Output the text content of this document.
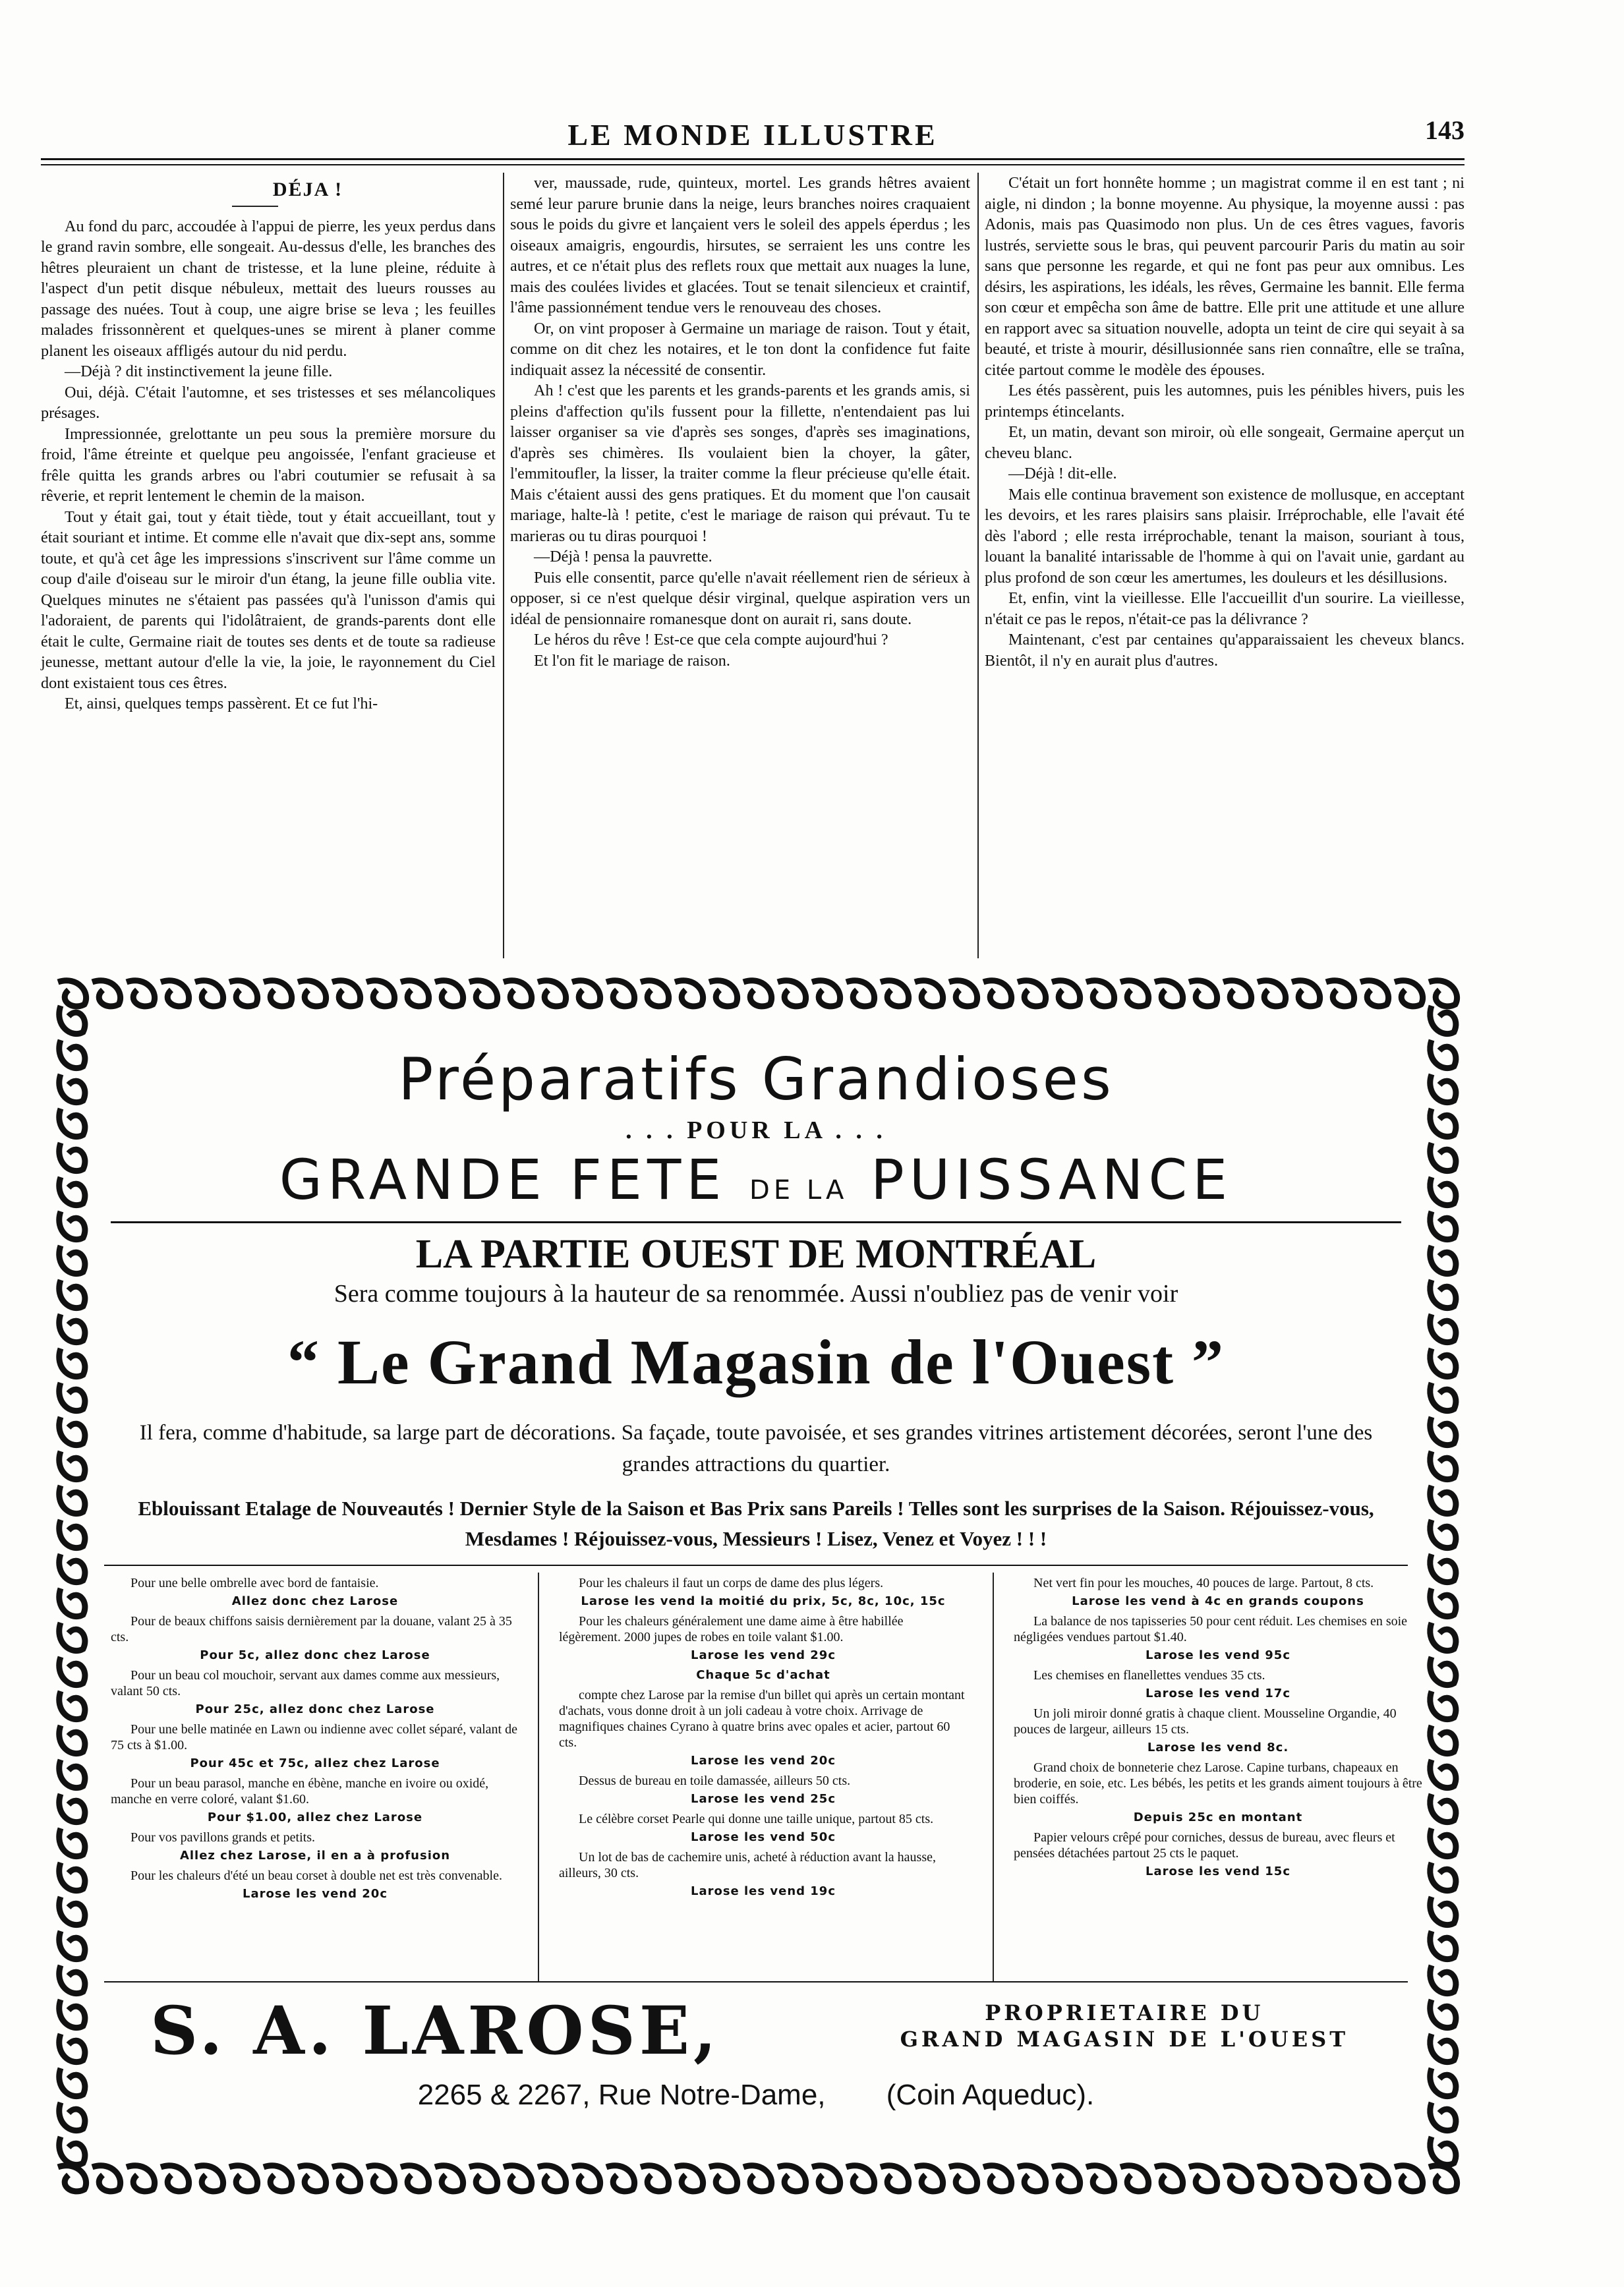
LE MONDE ILLUSTRE	143
DÉJA !

Au fond du parc, accoudée à l'appui de pierre, les yeux perdus dans le grand ravin sombre, elle songeait. Au-dessus d'elle, les branches des hêtres pleuraient un chant de tristesse, et la lune pleine, réduite à l'aspect d'un petit disque nébuleux, mettait des lueurs rousses au passage des nuées. Tout à coup, une aigre brise se leva ; les feuilles malades frissonnèrent et quelques-unes se mirent à planer comme planent les oiseaux affligés autour du nid perdu.

—Déjà ? dit instinctivement la jeune fille.

Oui, déjà. C'était l'automne, et ses tristesses et ses mélancoliques présages.

Impressionnée, grelottante un peu sous la première morsure du froid, l'âme étreinte et quelque peu angoissée, l'enfant gracieuse et frêle quitta les grands arbres ou l'abri coutumier se refusait à sa rêverie, et reprit lentement le chemin de la maison.

Tout y était gai, tout y était tiède, tout y était accueillant, tout y était souriant et intime. Et comme elle n'avait que dix-sept ans, somme toute, et qu'à cet âge les impressions s'inscrivent sur l'âme comme un coup d'aile d'oiseau sur le miroir d'un étang, la jeune fille oublia vite. Quelques minutes ne s'étaient pas passées qu'à l'unisson d'amis qui l'adoraient, de parents qui l'idolâtraient, de grands-parents dont elle était le culte, Germaine riait de toutes ses dents et de toute sa radieuse jeunesse, mettant autour d'elle la vie, la joie, le rayonnement du Ciel dont existaient tous ces êtres.

Et, ainsi, quelques temps passèrent. Et ce fut l'hi-

ver, maussade, rude, quinteux, mortel. Les grands hêtres avaient semé leur parure brunie dans la neige, leurs branches noires craquaient sous le poids du givre et lançaient vers le soleil des appels éperdus ; les oiseaux amaigris, engourdis, hirsutes, se serraient les uns contre les autres, et ce n'était plus des reflets roux que mettait aux nuages la lune, mais des coulées livides et glacées. Tout se tenait silencieux et craintif, l'âme passionnément tendue vers le renouveau des choses.

Or, on vint proposer à Germaine un mariage de raison. Tout y était, comme on dit chez les notaires, et le ton dont la confidence fut faite indiquait assez la nécessité de consentir.

Ah ! c'est que les parents et les grands-parents et les grands amis, si pleins d'affection qu'ils fussent pour la fillette, n'entendaient pas lui laisser organiser sa vie d'après ses songes, d'après ses imaginations, d'après ses chimères. Ils voulaient bien la choyer, la gâter, l'emmitoufler, la lisser, la traiter comme la fleur précieuse qu'elle était. Mais c'étaient aussi des gens pratiques. Et du moment que l'on causait mariage, halte-là ! petite, c'est le mariage de raison qui prévaut. Tu te marieras ou tu diras pourquoi !

—Déjà ! pensa la pauvrette.

Puis elle consentit, parce qu'elle n'avait réellement rien de sérieux à opposer, si ce n'est quelque désir virginal, quelque aspiration vers un idéal de pensionnaire romanesque dont on aurait ri, sans doute.

Le héros du rêve ! Est-ce que cela compte aujourd'hui ?

Et l'on fit le mariage de raison.

C'était un fort honnête homme ; un magistrat comme il en est tant ; ni aigle, ni dindon ; la bonne moyenne. Au physique, la moyenne aussi : pas Adonis, mais pas Quasimodo non plus. Un de ces êtres vagues, favoris lustrés, serviette sous le bras, qui peuvent parcourir Paris du matin au soir sans que personne les regarde, et qui ne font pas peur aux omnibus. Les désirs, les aspirations, les idéals, les rêves, Germaine les bannit. Elle ferma son cœur et empêcha son âme de battre. Elle prit une attitude et une allure en rapport avec sa situation nouvelle, adopta un teint de cire qui seyait à sa beauté, et triste à mourir, désillusionnée sans rien connaître, elle se traîna, citée partout comme le modèle des épouses.

Les étés passèrent, puis les automnes, puis les pénibles hivers, puis les printemps étincelants.

Et, un matin, devant son miroir, où elle songeait, Germaine aperçut un cheveu blanc.

—Déjà ! dit-elle.

Mais elle continua bravement son existence de mollusque, en acceptant les devoirs, et les rares plaisirs sans plaisir. Irréprochable, elle l'avait été dès l'abord ; elle resta irréprochable, tenant la maison, souriant à tous, louant la banalité intarissable de l'homme à qui on l'avait unie, gardant au plus profond de son cœur les amertumes, les douleurs et les désillusions.

Et, enfin, vint la vieillesse. Elle l'accueillit d'un sourire. La vieillesse, n'était ce pas le repos, n'était-ce pas la délivrance ?

Maintenant, c'est par centaines qu'apparaissaient les cheveux blancs. Bientôt, il n'y en aurait plus d'autres.

Préparatifs Grandioses
. . . POUR LA . . .
GRANDE FETE DE LA PUISSANCE
LA PARTIE OUEST DE MONTRÉAL
Sera comme toujours à la hauteur de sa renommée. Aussi n'oubliez pas de venir voir
“ Le Grand Magasin de l'Ouest ”
Il fera, comme d'habitude, sa large part de décorations. Sa façade, toute pavoisée, et ses grandes vitrines artistement décorées, seront l'une des grandes attractions du quartier.
Eblouissant Etalage de Nouveautés ! Dernier Style de la Saison et Bas Prix sans Pareils ! Telles sont les surprises de la Saison. Réjouissez-vous, Mesdames ! Réjouissez-vous, Messieurs ! Lisez, Venez et Voyez ! ! !
Pour une belle ombrelle avec bord de fantaisie.
Allez donc chez Larose
Pour de beaux chiffons saisis dernièrement par la douane, valant 25 à 35 cts.
Pour 5c, allez donc chez Larose
Pour un beau col mouchoir, servant aux dames comme aux messieurs, valant 50 cts.
Pour 25c, allez donc chez Larose
Pour une belle matinée en Lawn ou indienne avec collet séparé, valant de 75 cts à $1.00.
Pour 45c et 75c, allez chez Larose
Pour un beau parasol, manche en ébène, manche en ivoire ou oxidé, manche en verre coloré, valant $1.60.
Pour $1.00, allez chez Larose
Pour vos pavillons grands et petits.
Allez chez Larose, il en a à profusion
Pour les chaleurs d'été un beau corset à double net est très convenable.
Larose les vend 20c
Pour les chaleurs il faut un corps de dame des plus légers.
Larose les vend la moitié du prix, 5c, 8c, 10c, 15c
Pour les chaleurs généralement une dame aime à être habillée légèrement. 2000 jupes de robes en toile valant $1.00.
Larose les vend 29c
Chaque 5c d'achat
compte chez Larose par la remise d'un billet qui après un certain montant d'achats, vous donne droit à un joli cadeau à votre choix. Arrivage de magnifiques chaines Cyrano à quatre brins avec opales et acier, partout 60 cts.
Larose les vend 20c
Dessus de bureau en toile damassée, ailleurs 50 cts.
Larose les vend 25c
Le célèbre corset Pearle qui donne une taille unique, partout 85 cts.
Larose les vend 50c
Un lot de bas de cachemire unis, acheté à réduction avant la hausse, ailleurs, 30 cts.
Larose les vend 19c
Net vert fin pour les mouches, 40 pouces de large. Partout, 8 cts.
Larose les vend à 4c en grands coupons
La balance de nos tapisseries 50 pour cent réduit. Les chemises en soie négligées vendues partout $1.40.
Larose les vend 95c
Les chemises en flanellettes vendues 35 cts.
Larose les vend 17c
Un joli miroir donné gratis à chaque client. Mousseline Organdie, 40 pouces de largeur, ailleurs 15 cts.
Larose les vend 8c.
Grand choix de bonneterie chez Larose. Capine turbans, chapeaux en broderie, en soie, etc. Les bébés, les petits et les grands aiment toujours à être bien coiffés.
Depuis 25c en montant
Papier velours crêpé pour corniches, dessus de bureau, avec fleurs et pensées détachées partout 25 cts le paquet.
Larose les vend 15c
S. A. LAROSE,	PROPRIETAIRE DU
GRAND MAGASIN DE L'OUEST
2265 & 2267, Rue Notre-Dame, (Coin Aqueduc).
